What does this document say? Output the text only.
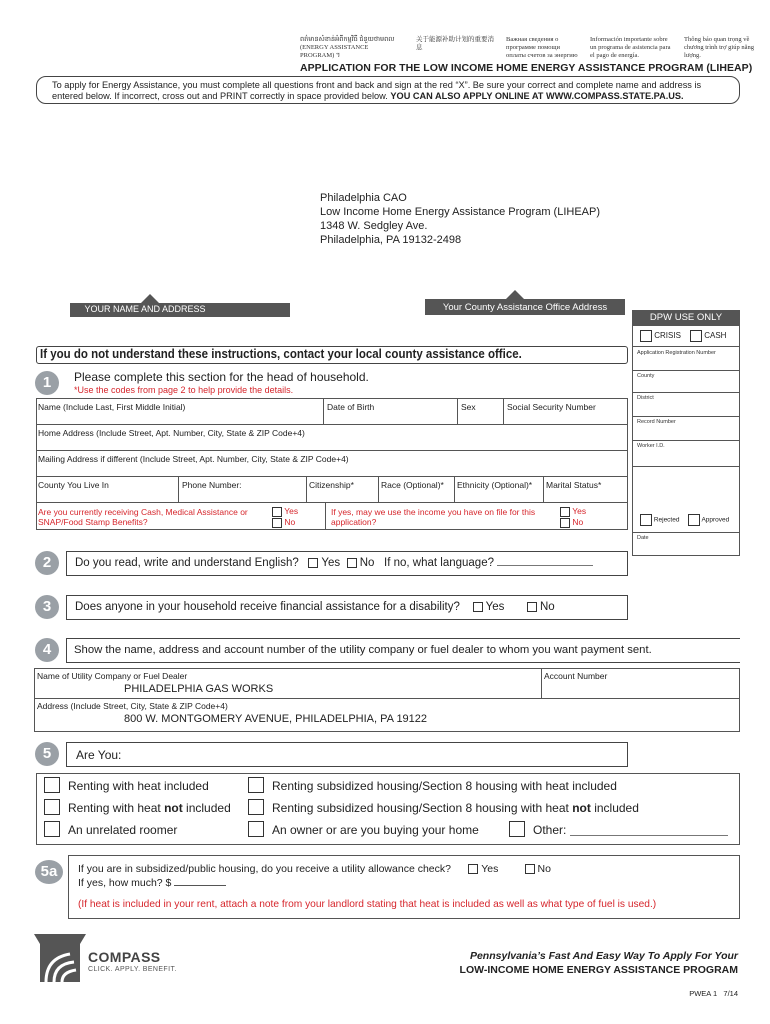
ពត៌មានសំខាន់អំពីកម្មវិធី ជំនួយថាមពល (ENERGY ASSISTANCE PROGRAM) ។
关于能源补助计划的重要消息
Важная сведения о программе помощи оплаты счетов за энергию
Información importante sobre un programa de asistencia para el pago de energía.
Thông báo quan trọng về chương trình trợ giúp năng lượng.
APPLICATION FOR THE LOW INCOME HOME ENERGY ASSISTANCE PROGRAM (LIHEAP)
To apply for Energy Assistance, you must complete all questions front and back and sign at the red “X”. Be sure your correct and complete name and address is entered below. If incorrect, cross out and PRINT correctly in space provided below. YOU CAN ALSO APPLY ONLINE AT WWW.COMPASS.STATE.PA.US.
Philadelphia CAO
Low Income Home Energy Assistance Program (LIHEAP)
1348 W. Sedgley Ave.
Philadelphia, PA 19132-2498
YOUR NAME AND ADDRESS	Your County Assistance Office Address
DPW USE ONLY
CRISIS	CASH
Application Registration Number
County
District
Record Number
Worker I.D.
Rejected	Approved
Date
If you do not understand these instructions, contact your local county assistance office.
1	Please complete this section for the head of household.
*Use the codes from page 2 to help provide the details.
Name (Include Last, First Middle Initial)	Date of Birth	Sex	Social Security Number
Home Address (Include Street, Apt. Number, City, State & ZIP Code+4)
Mailing Address if different (Include Street, Apt. Number, City, State & ZIP Code+4)
County You Live In	Phone Number:	Citizenship*	Race (Optional)* Ethnicity (Optional)* Marital Status*
Are you currently receiving Cash, Medical Assistance or SNAP/Food Stamp Benefits?
Yes
No
If yes, may we use the income you have on file for this application?
Yes
No
2	Do you read, write and understand English? Yes No If no, what language?
3	Does anyone in your household receive financial assistance for a disability? Yes	No
4	Show the name, address and account number of the utility company or fuel dealer to whom you want payment sent.
Name of Utility Company or Fuel Dealer
PHILADELPHIA GAS WORKS
Account Number
Address (Include Street, City, State & ZIP Code+4)
800 W. MONTGOMERY AVENUE, PHILADELPHIA, PA 19122
5	Are You:
Renting with heat included
Renting with heat not included
An unrelated roomer
Renting subsidized housing/Section 8 housing with heat included
Renting subsidized housing/Section 8 housing with heat not included
An owner or are you buying your home	Other:
5a	If you are in subsidized/public housing, do you receive a utility allowance check?	Yes	No
If yes, how much? $
(If heat is included in your rent, attach a note from your landlord stating that heat is included as well as what type of fuel is used.)
COMPASS
CLICK. APPLY. BENEFIT.
Pennsylvania’s Fast And Easy Way To Apply For Your
LOW-INCOME HOME ENERGY ASSISTANCE PROGRAM
PWEA 1   7/14
